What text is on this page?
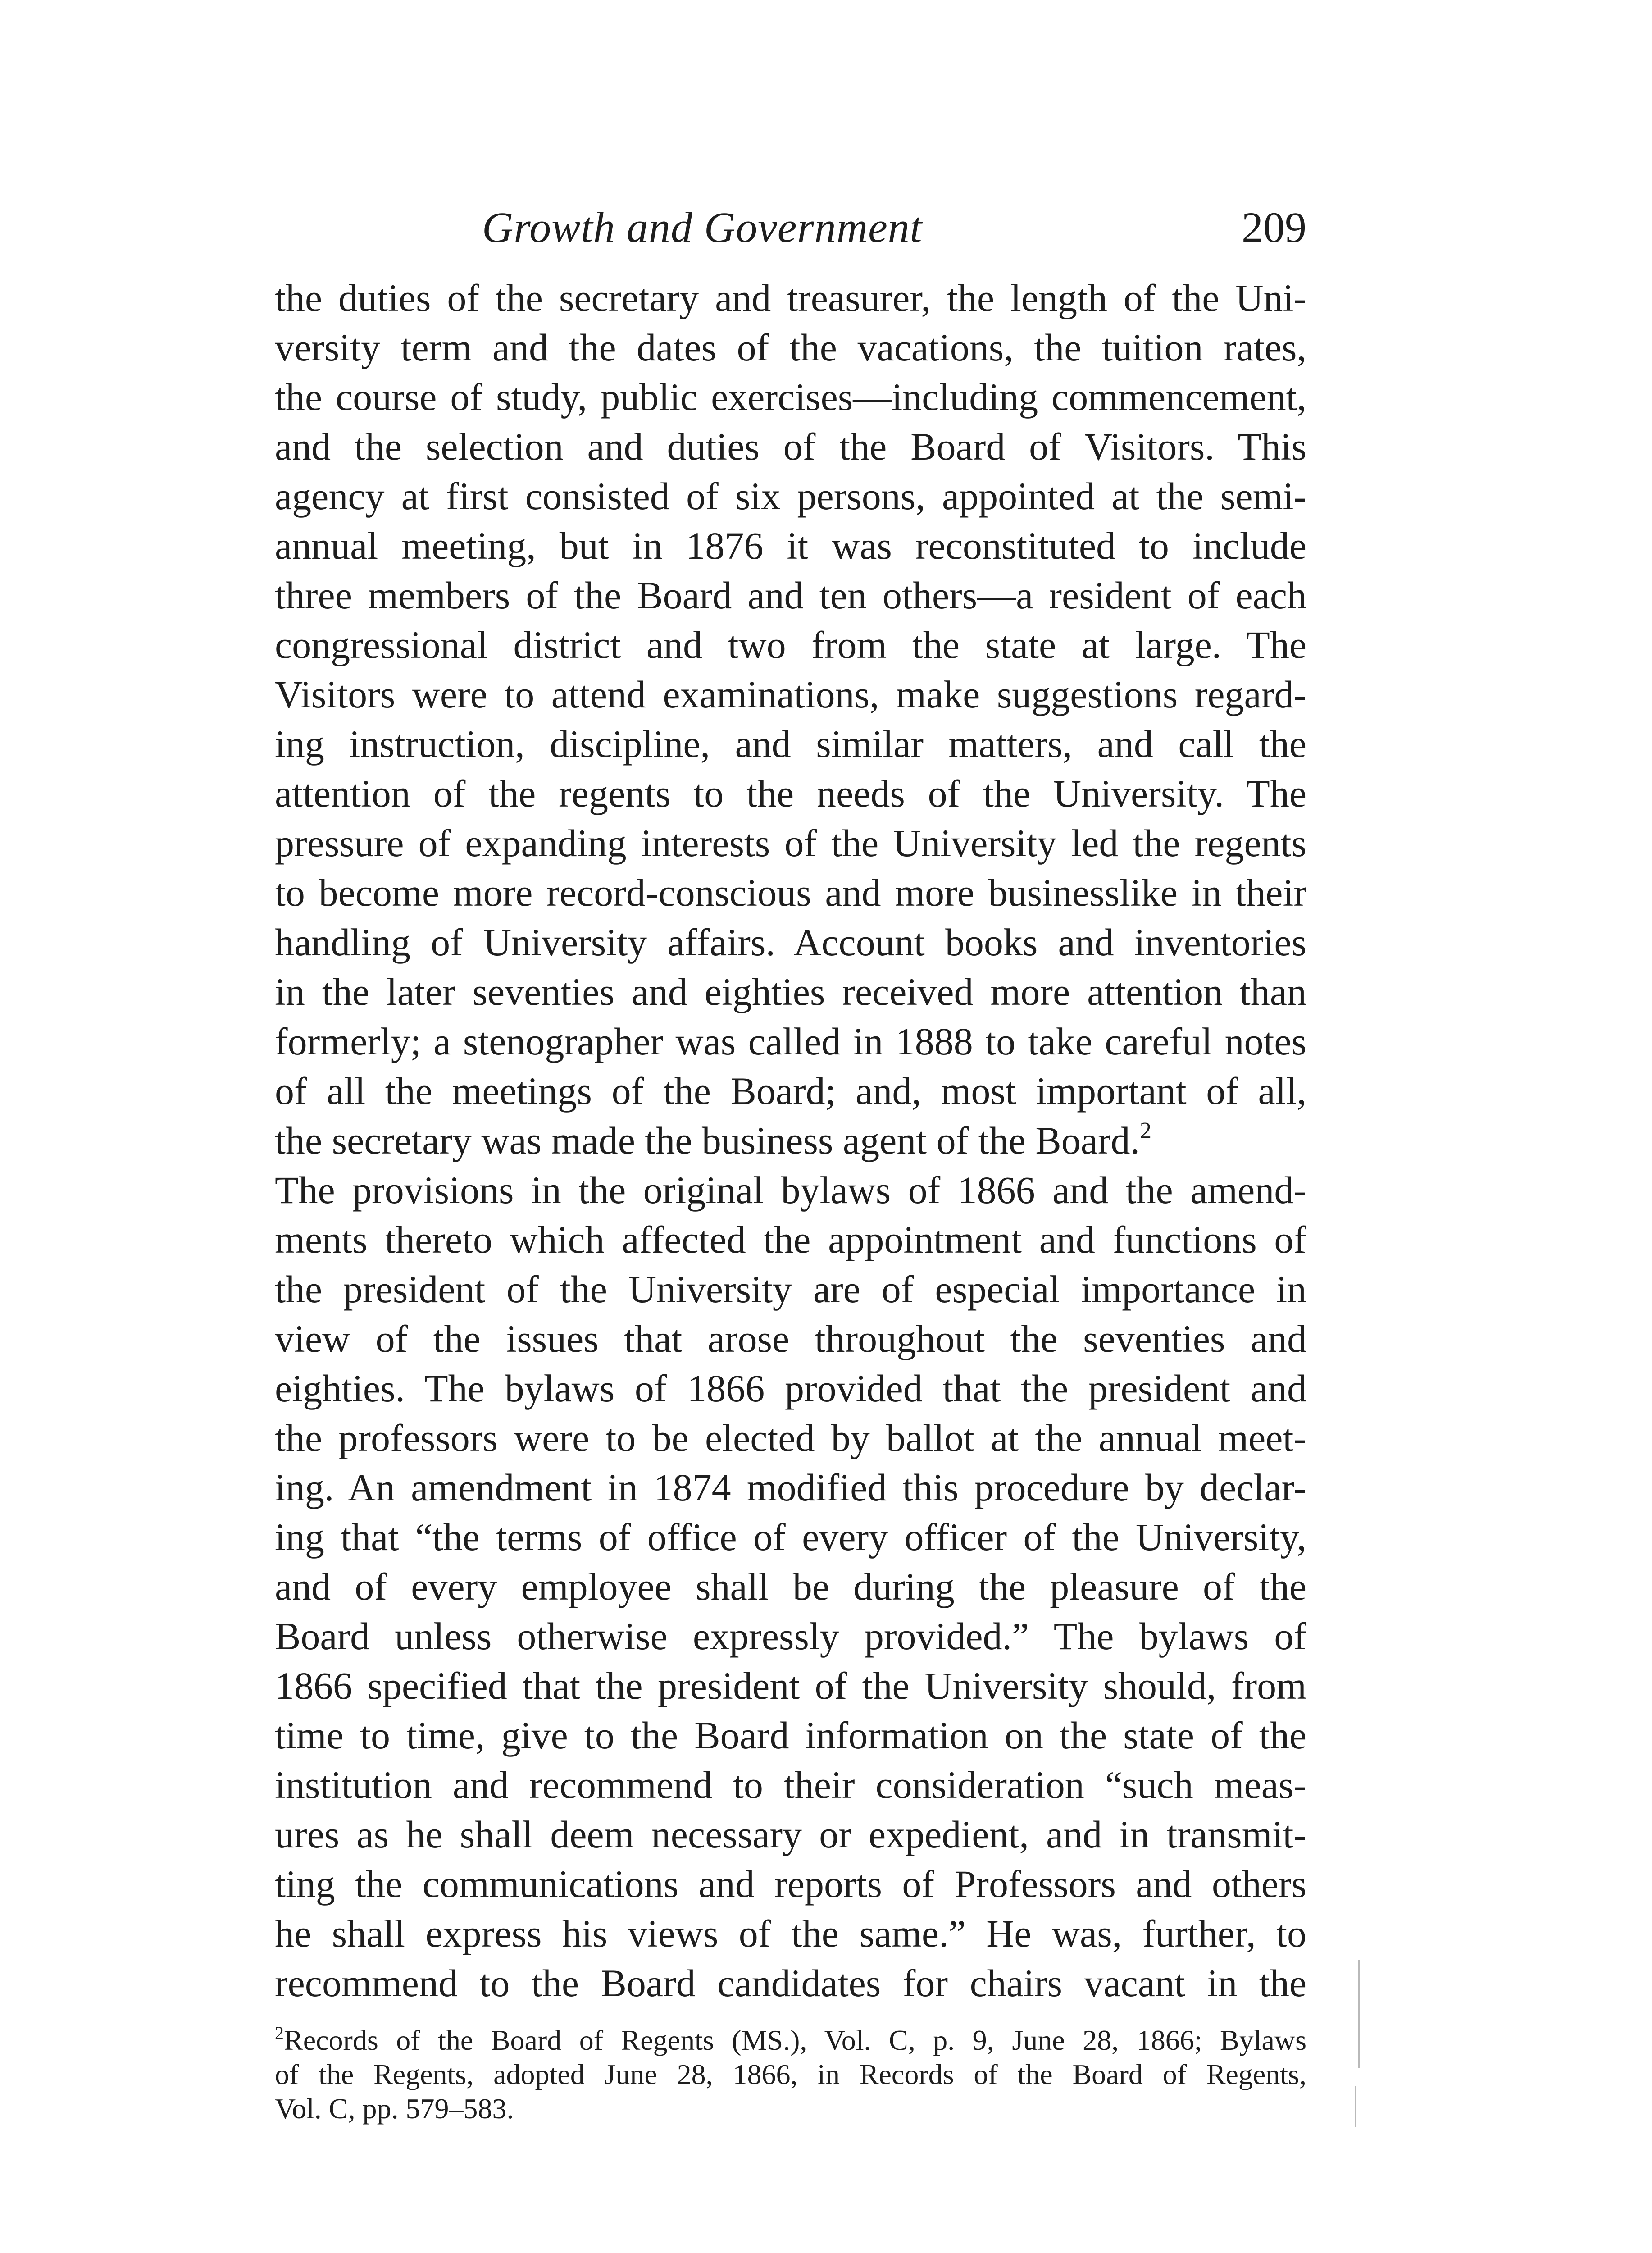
Growth and Government	209
the duties of the secretary and treasurer, the length of the Uni-
versity term and the dates of the vacations, the tuition rates,
the course of study, public exercises—including commencement,
and the selection and duties of the Board of Visitors. This
agency at first consisted of six persons, appointed at the semi-
annual meeting, but in 1876 it was reconstituted to include
three members of the Board and ten others—a resident of each
congressional district and two from the state at large. The
Visitors were to attend examinations, make suggestions regard-
ing instruction, discipline, and similar matters, and call the
attention of the regents to the needs of the University. The
pressure of expanding interests of the University led the regents
to become more record-conscious and more businesslike in their
handling of University affairs. Account books and inventories
in the later seventies and eighties received more attention than
formerly; a stenographer was called in 1888 to take careful notes
of all the meetings of the Board; and, most important of all,
the secretary was made the business agent of the Board.$^2$
The provisions in the original bylaws of 1866 and the amend-
ments thereto which affected the appointment and functions of
the president of the University are of especial importance in
view of the issues that arose throughout the seventies and
eighties. The bylaws of 1866 provided that the president and
the professors were to be elected by ballot at the annual meet-
ing. An amendment in 1874 modified this procedure by declar-
ing that “the terms of office of every officer of the University,
and of every employee shall be during the pleasure of the
Board unless otherwise expressly provided.” The bylaws of
1866 specified that the president of the University should, from
time to time, give to the Board information on the state of the
institution and recommend to their consideration “such meas-
ures as he shall deem necessary or expedient, and in transmit-
ting the communications and reports of Professors and others
he shall express his views of the same.” He was, further, to
recommend to the Board candidates for chairs vacant in the
$^2$Records of the Board of Regents (MS.), Vol. C, p. 9, June 28, 1866; Bylaws
of the Regents, adopted June 28, 1866, in Records of the Board of Regents,
Vol. C, pp. 579–583.
